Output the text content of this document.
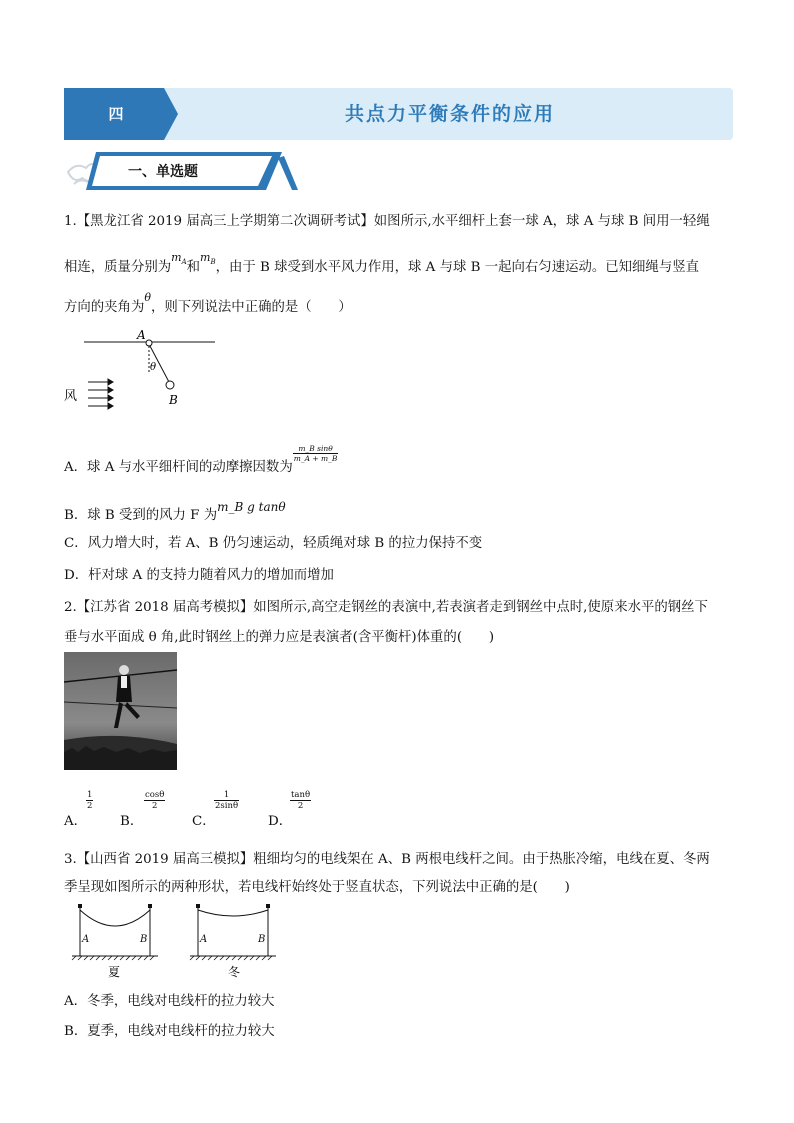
四	共点力平衡条件的应用
一、单选题
1.【黑龙江省 2019 届高三上学期第二次调研考试】如图所示,水平细杆上套一球 A，球 A 与球 B 间用一轻绳
相连，质量分别为$^{m_A}$和$^{m_B}$，由于 B 球受到水平风力作用，球 A 与球 B 一起向右匀速运动。已知细绳与竖直
方向的夹角为$^\theta$，则下列说法中正确的是（　　）
A
B
θ
风
A．球 A 与水平细杆间的动摩擦因数为
$\frac{\text{m\_B sinθ}}{m\_A + m\_B}$
B．球 B 受到的风力 F 为m_B g tanθ
C．风力增大时，若 A、B 仍匀速运动，轻质绳对球 B 的拉力保持不变
D．杆对球 A 的支持力随着风力的增加而增加
2.【江苏省 2018 届高考模拟】如图所示,高空走钢丝的表演中,若表演者走到钢丝中点时,使原来水平的钢丝下
垂与水平面成 θ 角,此时钢丝上的弹力应是表演者(含平衡杆)体重的(　　)
A．
$\frac{1}{2}$
B．
$\frac{\cos\theta}{2}$
C．
$\frac{1}{2\sin\theta}$
D．
$\frac{\tan\theta}{2}$
3.【山西省 2019 届高三模拟】粗细均匀的电线架在 A、B 两根电线杆之间。由于热胀冷缩，电线在夏、冬两
季呈现如图所示的两种形状，若电线杆始终处于竖直状态，下列说法中正确的是(　　)
A	B	A	B
夏	冬
A．冬季，电线对电线杆的拉力较大
B．夏季，电线对电线杆的拉力较大
